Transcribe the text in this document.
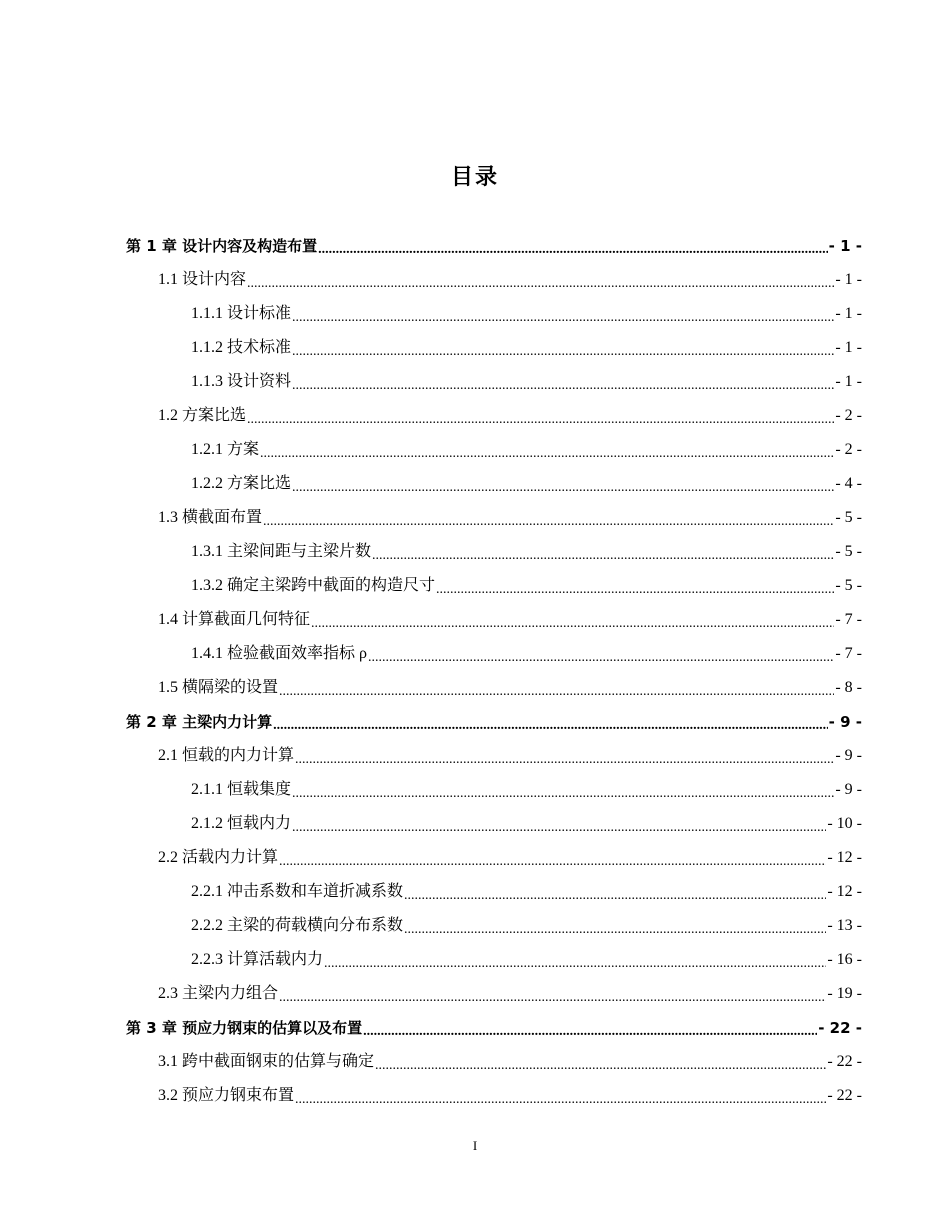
目录
第 1 章 设计内容及构造布置 .....	- 1 -
1.1 设计内容 .....	- 1 -
1.1.1 设计标准 .....	- 1 -
1.1.2 技术标准 .....	- 1 -
1.1.3 设计资料 .....	- 1 -
1.2 方案比选 .....	- 2 -
1.2.1 方案 .....	- 2 -
1.2.2 方案比选 .....	- 4 -
1.3 横截面布置 .....	- 5 -
1.3.1 主梁间距与主梁片数 .....	- 5 -
1.3.2 确定主梁跨中截面的构造尺寸 .....	- 5 -
1.4 计算截面几何特征 .....	- 7 -
1.4.1 检验截面效率指标 ρ .....	- 7 -
1.5 横隔梁的设置 .....	- 8 -
第 2 章 主梁内力计算 .....	- 9 -
2.1 恒载的内力计算 .....	- 9 -
2.1.1 恒载集度 .....	- 9 -
2.1.2 恒载内力 .....	- 10 -
2.2 活载内力计算 .....	- 12 -
2.2.1 冲击系数和车道折减系数 .....	- 12 -
2.2.2 主梁的荷载横向分布系数 .....	- 13 -
2.2.3 计算活载内力 .....	- 16 -
2.3 主梁内力组合 .....	- 19 -
第 3 章 预应力钢束的估算以及布置 .....	- 22 -
3.1 跨中截面钢束的估算与确定 .....	- 22 -
3.2 预应力钢束布置 .....	- 22 -
I
